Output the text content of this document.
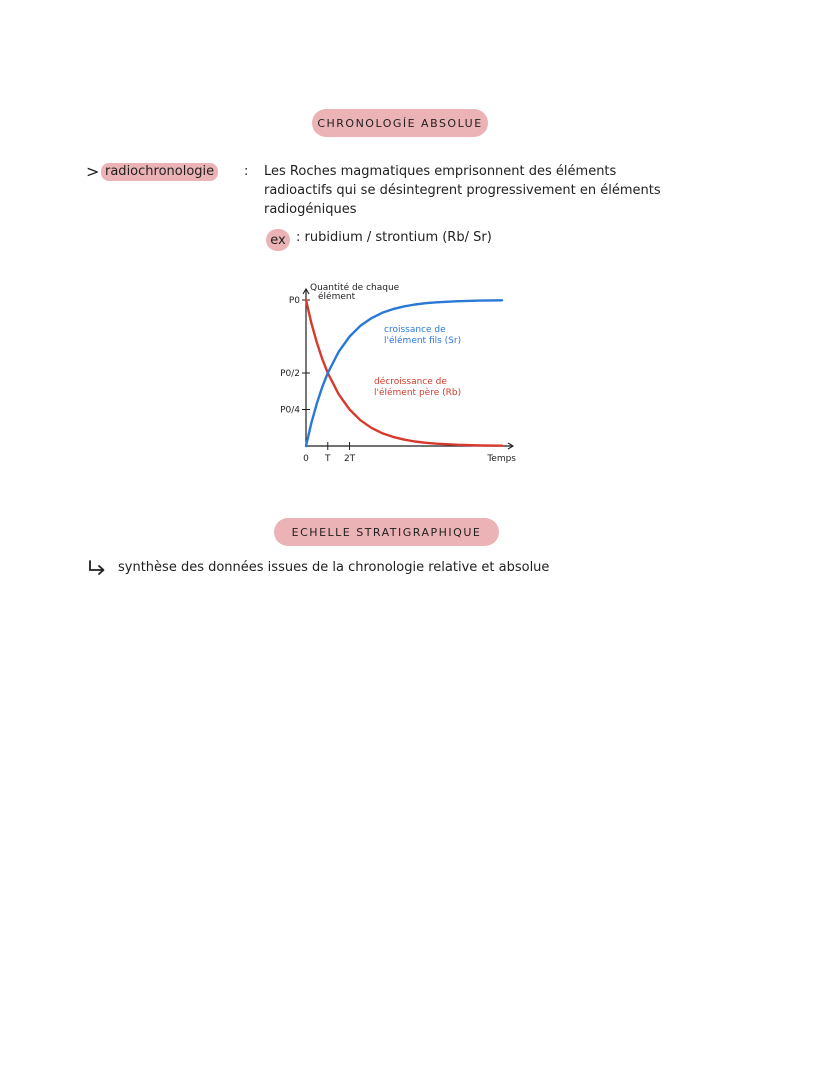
CHRONOLOGÍE ABSOLUE
> radiochronologie	: Les Roches magmatiques emprisonnent des éléments
radioactifs qui se désintegrent progressivement en éléments
radiogéniques
ex : rubidium / strontium (Rb/ Sr)
P0
P0/2
P0/4
0 T 2T
Quantité de chaque élément
Temps
décroissance de
l'élément père (Rb)
croissance de
l'élément fils (Sr)
ECHELLE STRATIGRAPHIQUE
synthèse des données issues de la chronologie relative et absolue
